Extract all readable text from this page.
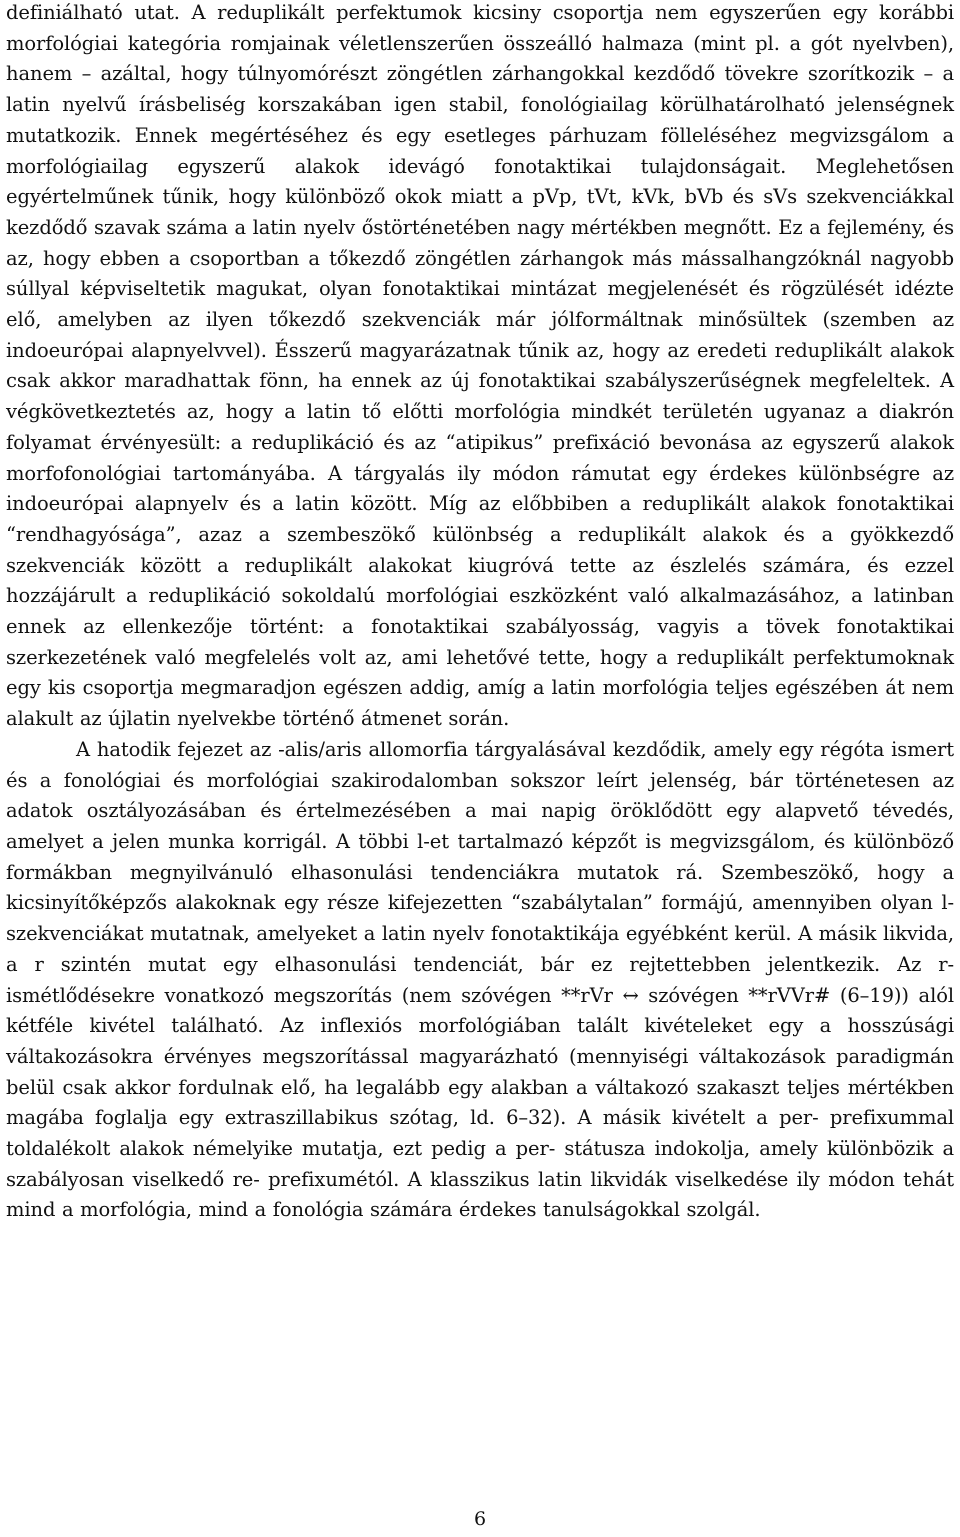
definiálható utat. A reduplikált perfektumok kicsiny csoportja nem egyszerűen egy korábbi morfológiai kategória romjainak véletlenszerűen összeálló halmaza (mint pl. a gót nyelvben), hanem – azáltal, hogy túlnyomórészt zöngétlen zárhangokkal kezdődő tövekre szorítkozik – a latin nyelvű írásbeliség korszakában igen stabil, fonológiailag körülhatárolható jelenségnek mutatkozik. Ennek megértéséhez és egy esetleges párhuzam fölleléséhez megvizsgálom a morfológiailag egyszerű alakok idevágó fonotaktikai tulajdonságait. Meglehetősen egyértelműnek tűnik, hogy különböző okok miatt a pVp, tVt, kVk, bVb és sVs szekvenciákkal kezdődő szavak száma a latin nyelv őstörténetében nagy mértékben megnőtt. Ez a fejlemény, és az, hogy ebben a csoportban a tőkezdő zöngétlen zárhangok más mássalhangzóknál nagyobb súllyal képviseltetik magukat, olyan fonotaktikai mintázat megjelenését és rögzülését idézte elő, amelyben az ilyen tőkezdő szekvenciák már jólformáltnak minősültek (szemben az indoeurópai alapnyelvvel). Ésszerű magyarázatnak tűnik az, hogy az eredeti reduplikált alakok csak akkor maradhattak fönn, ha ennek az új fonotaktikai szabályszerűségnek megfeleltek. A végkövetkeztetés az, hogy a latin tő előtti morfológia mindkét területén ugyanaz a diakrón folyamat érvényesült: a reduplikáció és az “atipikus” prefixáció bevonása az egyszerű alakok morfofonológiai tartományába. A tárgyalás ily módon rámutat egy érdekes különbségre az indoeurópai alapnyelv és a latin között. Míg az előbbiben a reduplikált alakok fonotaktikai “rendhagyósága”, azaz a szembeszökő különbség a reduplikált alakok és a gyökkezdő szekvenciák között a reduplikált alakokat kiugróvá tette az észlelés számára, és ezzel hozzájárult a reduplikáció sokoldalú morfológiai eszközként való alkalmazásához, a latinban ennek az ellenkezője történt: a fonotaktikai szabályosság, vagyis a tövek fonotaktikai szerkezetének való megfelelés volt az, ami lehetővé tette, hogy a reduplikált perfektumoknak egy kis csoportja megmaradjon egészen addig, amíg a latin morfológia teljes egészében át nem alakult az újlatin nyelvekbe történő átmenet során.

A hatodik fejezet az -alis/aris allomorfia tárgyalásával kezdődik, amely egy régóta ismert és a fonológiai és morfológiai szakirodalomban sokszor leírt jelenség, bár történetesen az adatok osztályozásában és értelmezésében a mai napig öröklődött egy alapvető tévedés, amelyet a jelen munka korrigál. A többi l-et tartalmazó képzőt is megvizsgálom, és különböző formákban megnyilvánuló elhasonulási tendenciákra mutatok rá. Szembeszökő, hogy a kicsinyítőképzős alakoknak egy része kifejezetten “szabálytalan” formájú, amennyiben olyan l-szekvenciákat mutatnak, amelyeket a latin nyelv fonotaktikája egyébként kerül. A másik likvida, a r szintén mutat egy elhasonulási tendenciát, bár ez rejtettebben jelentkezik. Az r-ismétlődésekre vonatkozó megszorítás (nem szóvégen **rVr ↔ szóvégen **rVVr# (6–19)) alól kétféle kivétel található. Az inflexiós morfológiában talált kivételeket egy a hosszúsági váltakozásokra érvényes megszorítással magyarázható (mennyiségi váltakozások paradigmán belül csak akkor fordulnak elő, ha legalább egy alakban a váltakozó szakaszt teljes mértékben magába foglalja egy extraszillabikus szótag, ld. 6–32). A másik kivételt a per- prefixummal toldalékolt alakok némelyike mutatja, ezt pedig a per- státusza indokolja, amely különbözik a szabályosan viselkedő re- prefixumétól. A klasszikus latin likvidák viselkedése ily módon tehát mind a morfológia, mind a fonológia számára érdekes tanulságokkal szolgál.

6
